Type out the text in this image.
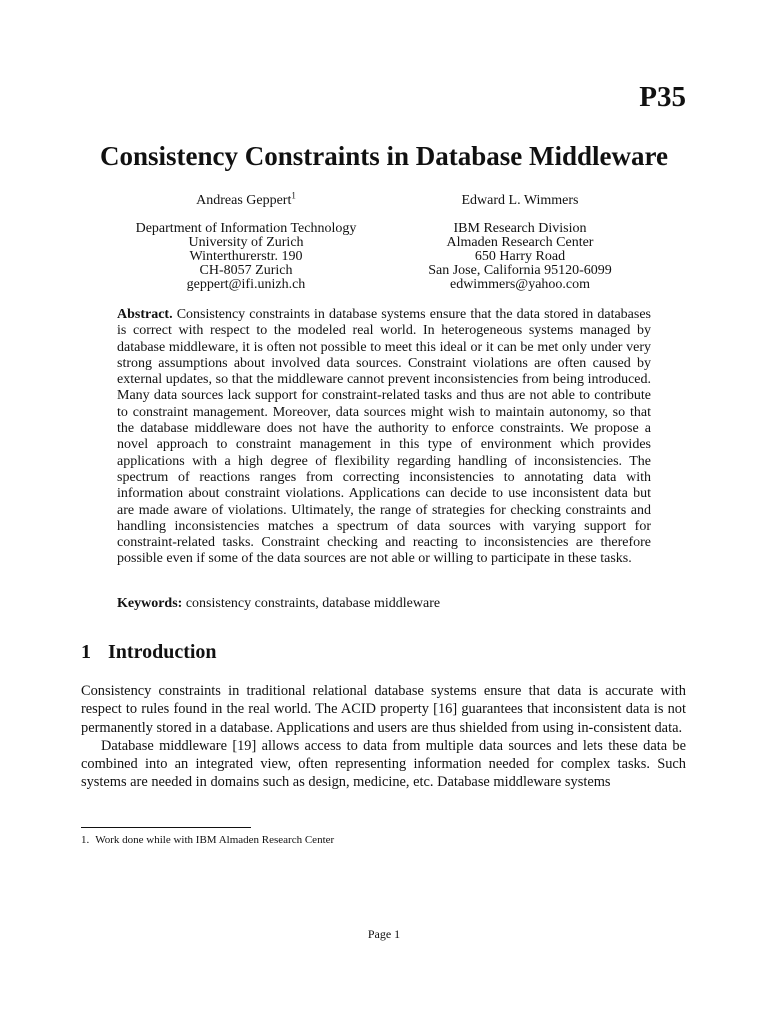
P35
Consistency Constraints in Database Middleware
Andreas Geppert$^1$
Department of Information Technology
University of Zurich
Winterthurerstr. 190
CH-8057 Zurich
geppert@ifi.unizh.ch
Edward L. Wimmers
IBM Research Division
Almaden Research Center
650 Harry Road
San Jose, California 95120-6099
edwimmers@yahoo.com
Abstract. Consistency constraints in database systems ensure that the data stored in databases is correct with respect to the modeled real world. In heterogeneous systems managed by database middleware, it is often not possible to meet this ideal or it can be met only under very strong assumptions about involved data sources. Constraint violations are often caused by external updates, so that the middleware cannot prevent inconsistencies from being introduced. Many data sources lack support for constraint-related tasks and thus are not able to contribute to constraint management. Moreover, data sources might wish to maintain autonomy, so that the database middleware does not have the authority to enforce constraints. We propose a novel approach to constraint management in this type of environment which provides applications with a high degree of flexibility regarding handling of inconsistencies. The spectrum of reactions ranges from correcting inconsistencies to annotating data with information about constraint violations. Applications can decide to use inconsistent data but are made aware of violations. Ultimately, the range of strategies for checking constraints and handling inconsistencies matches a spectrum of data sources with varying support for constraint-related tasks. Constraint checking and reacting to inconsistencies are therefore possible even if some of the data sources are not able or willing to participate in these tasks.
Keywords: consistency constraints, database middleware
1 Introduction

Consistency constraints in traditional relational database systems ensure that data is accurate with respect to rules found in the real world. The ACID property [16] guarantees that inconsistent data is not permanently stored in a database. Applications and users are thus shielded from using in-consistent data.

Database middleware [19] allows access to data from multiple data sources and lets these data be combined into an integrated view, often representing information needed for complex tasks. Such systems are needed in domains such as design, medicine, etc. Database middleware systems

1. Work done while with IBM Almaden Research Center
Page 1
